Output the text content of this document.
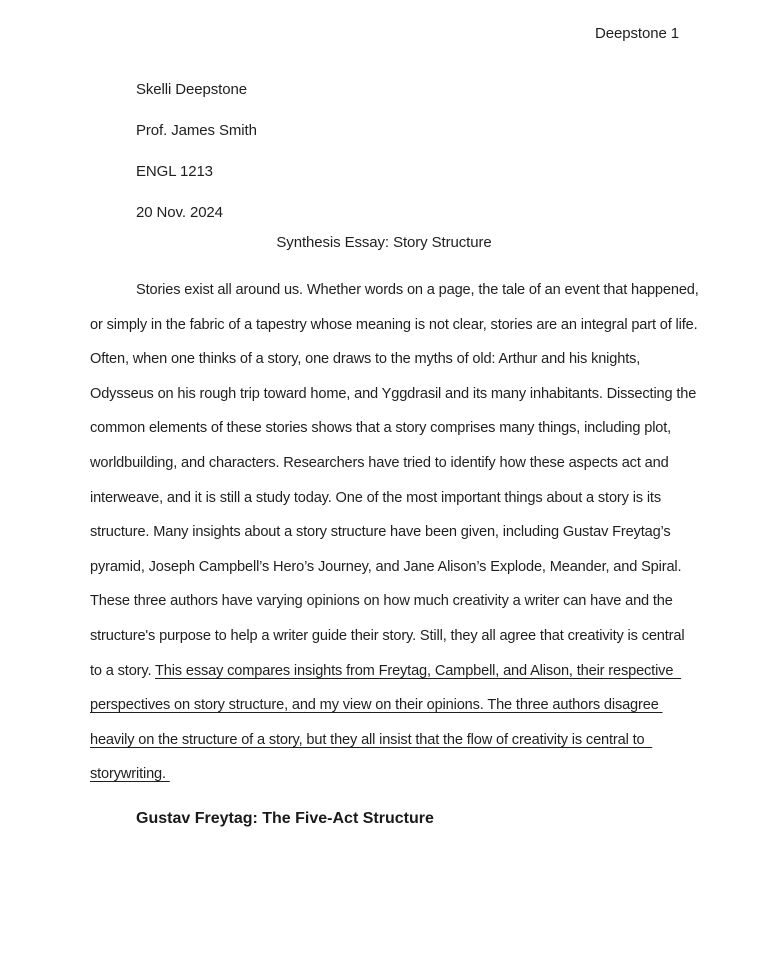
Deepstone 1
Skelli Deepstone
Prof. James Smith
ENGL 1213
20 Nov. 2024
Synthesis Essay: Story Structure
Stories exist all around us. Whether words on a page, the tale of an event that happened,
or simply in the fabric of a tapestry whose meaning is not clear, stories are an integral part of life.
Often, when one thinks of a story, one draws to the myths of old: Arthur and his knights,
Odysseus on his rough trip toward home, and Yggdrasil and its many inhabitants. Dissecting the
common elements of these stories shows that a story comprises many things, including plot,
worldbuilding, and characters. Researchers have tried to identify how these aspects act and
interweave, and it is still a study today. One of the most important things about a story is its
structure. Many insights about a story structure have been given, including Gustav Freytag’s
pyramid, Joseph Campbell’s Hero’s Journey, and Jane Alison’s Explode, Meander, and Spiral.
These three authors have varying opinions on how much creativity a writer can have and the
structure's purpose to help a writer guide their story. Still, they all agree that creativity is central
to a story. This essay compares insights from Freytag, Campbell, and Alison, their respective
perspectives on story structure, and my view on their opinions. The three authors disagree
heavily on the structure of a story, but they all insist that the flow of creativity is central to
storywriting.
Gustav Freytag: The Five-Act Structure
